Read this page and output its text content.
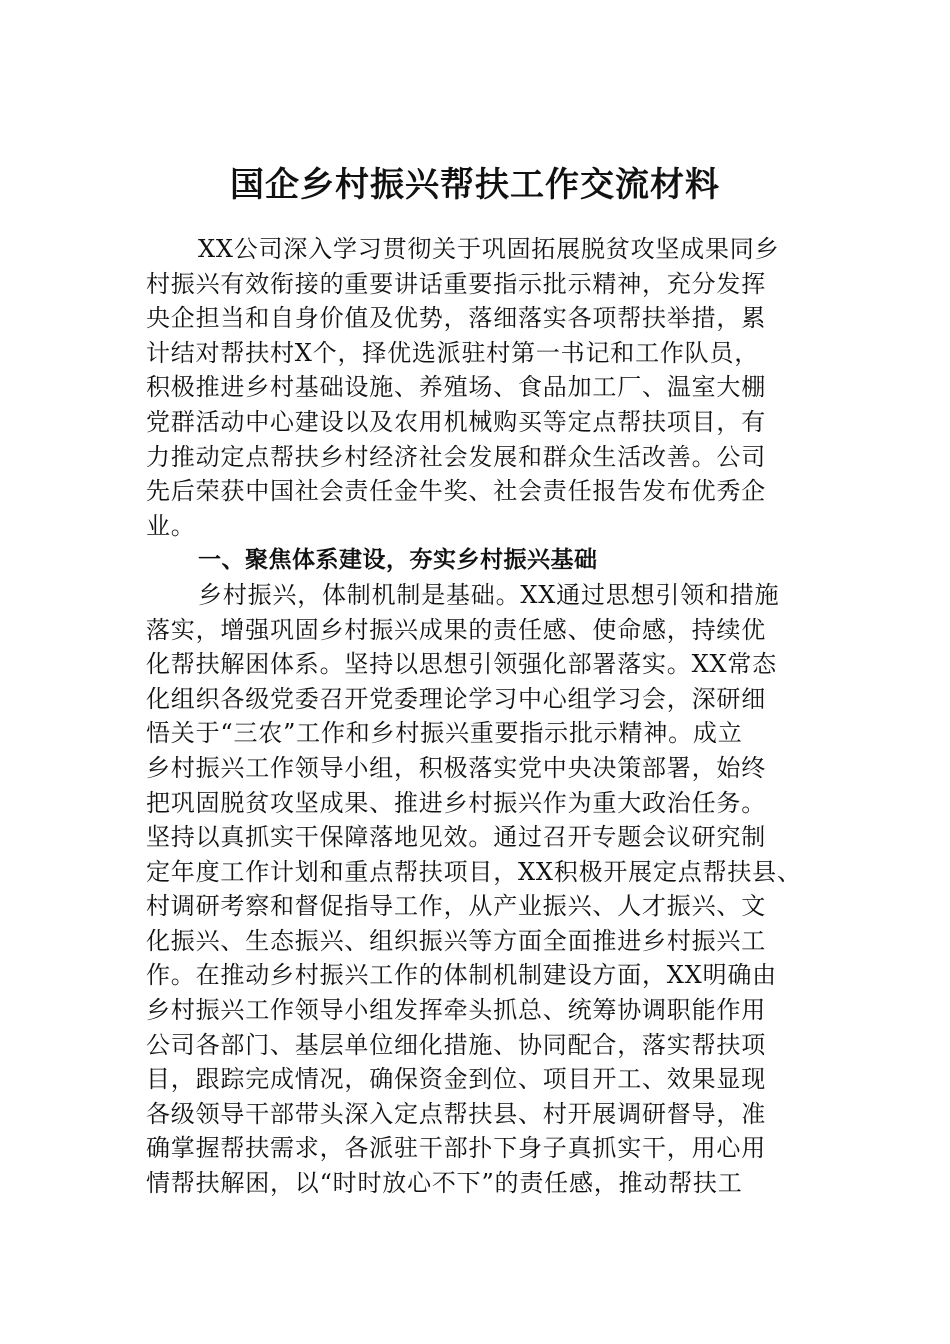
国企乡村振兴帮扶工作交流材料
XX公司深入学习贯彻关于巩固拓展脱贫攻坚成果同乡
村振兴有效衔接的重要讲话重要指示批示精神，充分发挥
央企担当和自身价值及优势，落细落实各项帮扶举措，累
计结对帮扶村X个，择优选派驻村第一书记和工作队员，
积极推进乡村基础设施、养殖场、食品加工厂、温室大棚
党群活动中心建设以及农用机械购买等定点帮扶项目，有
力推动定点帮扶乡村经济社会发展和群众生活改善。公司
先后荣获中国社会责任金牛奖、社会责任报告发布优秀企
业。
一、聚焦体系建设，夯实乡村振兴基础
乡村振兴，体制机制是基础。XX通过思想引领和措施
落实，增强巩固乡村振兴成果的责任感、使命感，持续优
化帮扶解困体系。坚持以思想引领强化部署落实。XX常态
化组织各级党委召开党委理论学习中心组学习会，深研细
悟关于“三农”工作和乡村振兴重要指示批示精神。成立
乡村振兴工作领导小组，积极落实党中央决策部署，始终
把巩固脱贫攻坚成果、推进乡村振兴作为重大政治任务。
坚持以真抓实干保障落地见效。通过召开专题会议研究制
定年度工作计划和重点帮扶项目，XX积极开展定点帮扶县、
村调研考察和督促指导工作，从产业振兴、人才振兴、文
化振兴、生态振兴、组织振兴等方面全面推进乡村振兴工
作。在推动乡村振兴工作的体制机制建设方面，XX明确由
乡村振兴工作领导小组发挥牵头抓总、统筹协调职能作用
公司各部门、基层单位细化措施、协同配合，落实帮扶项
目，跟踪完成情况，确保资金到位、项目开工、效果显现
各级领导干部带头深入定点帮扶县、村开展调研督导，准
确掌握帮扶需求，各派驻干部扑下身子真抓实干，用心用
情帮扶解困，以“时时放心不下”的责任感，推动帮扶工
